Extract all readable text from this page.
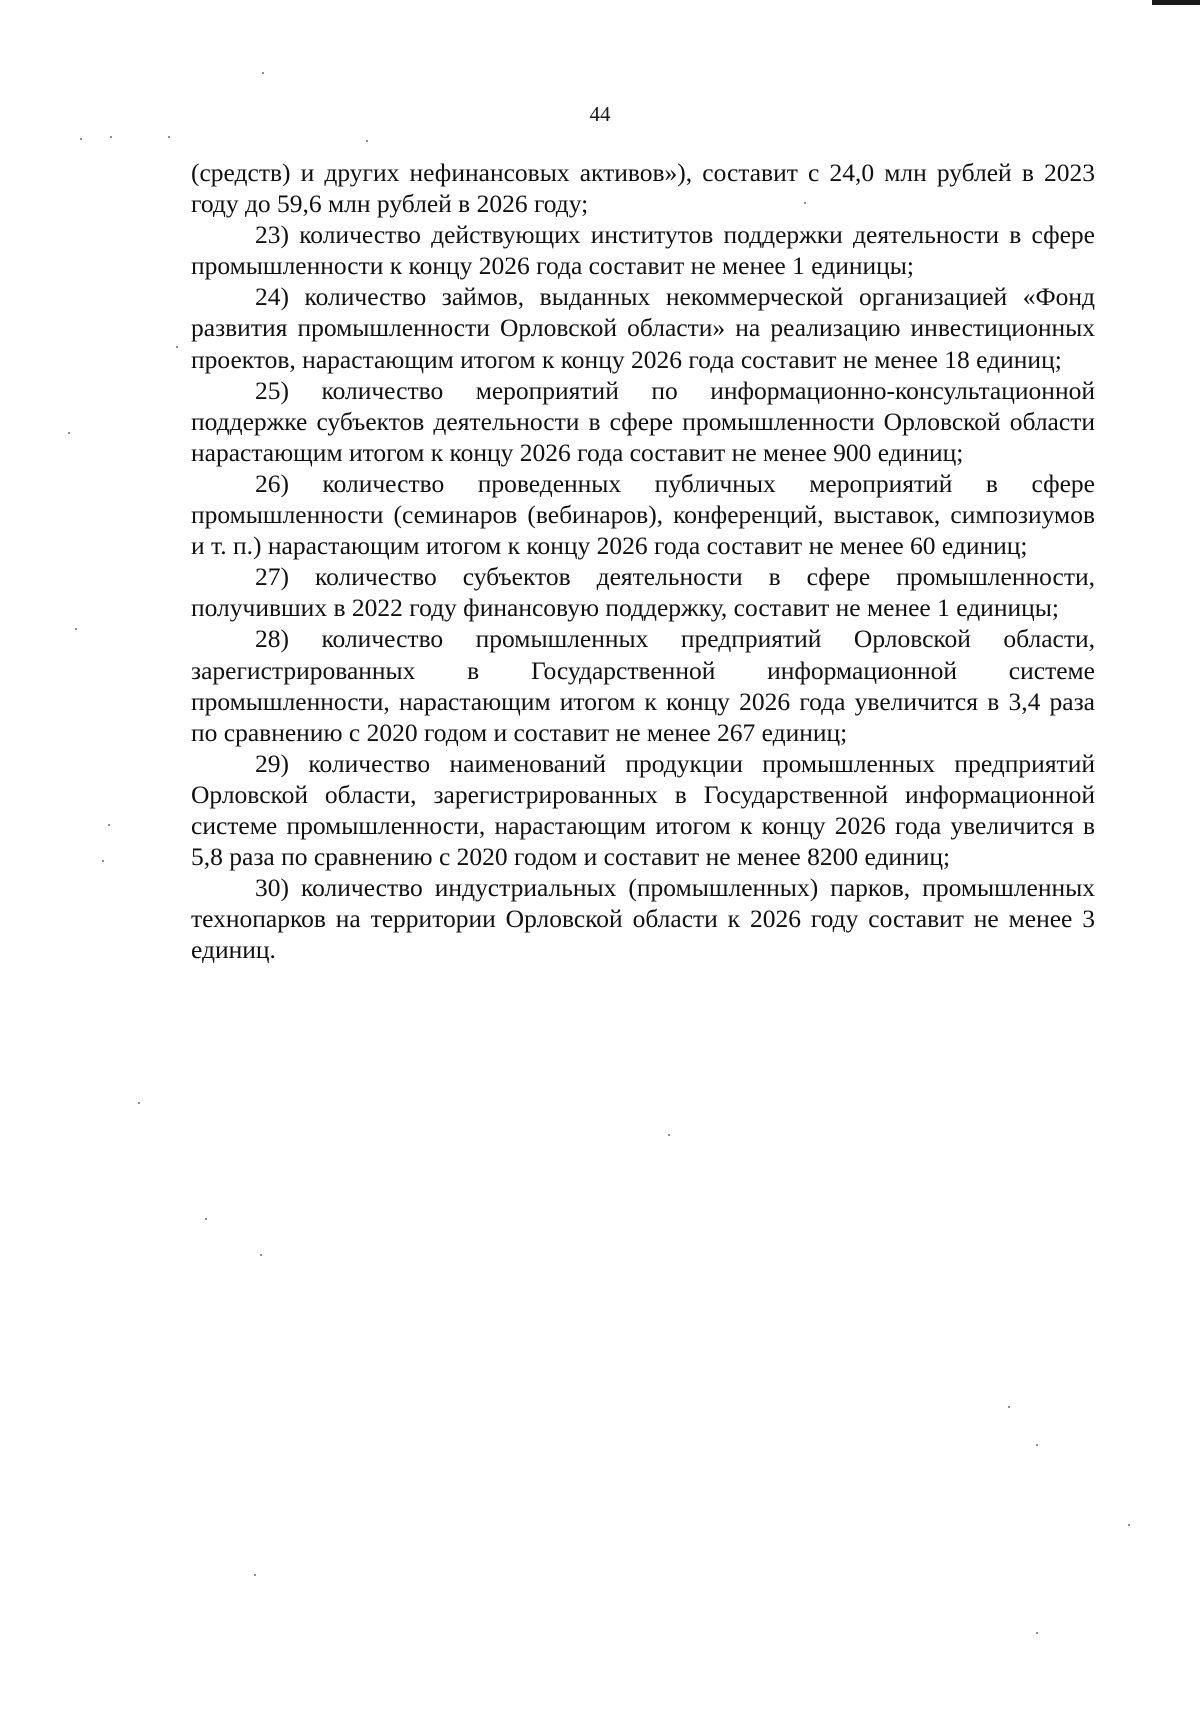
44

(средств) и других нефинансовых активов»), составит с 24,0 млн рублей в 2023 году до 59,6 млн рублей в 2026 году;

23) количество действующих институтов поддержки деятельности в сфере промышленности к концу 2026 года составит не менее 1 единицы;

24) количество займов, выданных некоммерческой организацией «Фонд развития промышленности Орловской области» на реализацию инвестиционных проектов, нарастающим итогом к концу 2026 года составит не менее 18 единиц;

25) количество мероприятий по информационно-консультационной поддержке субъектов деятельности в сфере промышленности Орловской области нарастающим итогом к концу 2026 года составит не менее 900 единиц;

26) количество проведенных публичных мероприятий в сфере промышленности (семинаров (вебинаров), конференций, выставок, симпозиумов и т. п.) нарастающим итогом к концу 2026 года составит не менее 60 единиц;

27) количество субъектов деятельности в сфере промышленности, получивших в 2022 году финансовую поддержку, составит не менее 1 единицы;

28) количество промышленных предприятий Орловской области, зарегистрированных в Государственной информационной системе промышленности, нарастающим итогом к концу 2026 года увеличится в 3,4 раза по сравнению с 2020 годом и составит не менее 267 единиц;

29) количество наименований продукции промышленных предприятий Орловской области, зарегистрированных в Государственной информационной системе промышленности, нарастающим итогом к концу 2026 года увеличится в 5,8 раза по сравнению с 2020 годом и составит не менее 8200 единиц;

30) количество индустриальных (промышленных) парков, промышленных технопарков на территории Орловской области к 2026 году составит не менее 3 единиц.
